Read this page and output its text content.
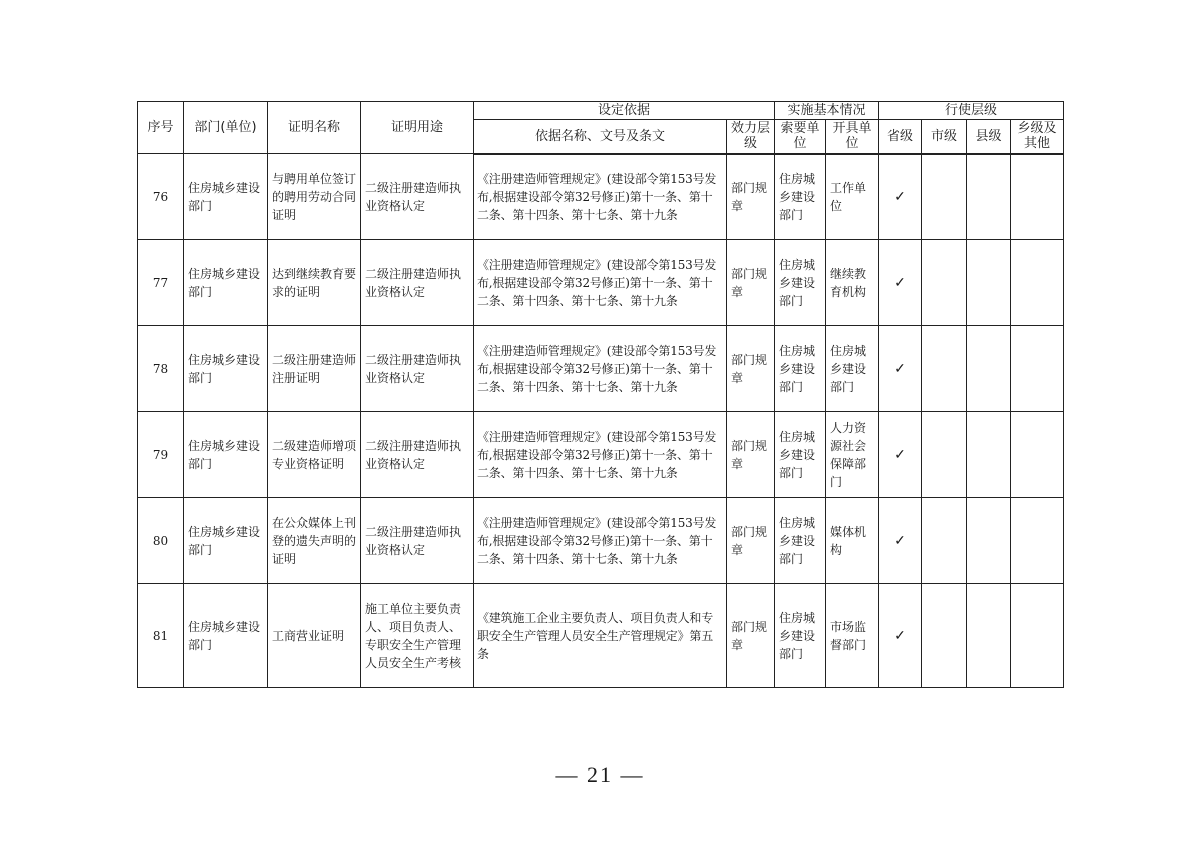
序号	部门(单位)	证明名称	证明用途	设定依据		实施基本情况		行使层级			
				依据名称、文号及条文	效力层级	索要单位	开具单位	省级	市级	县级	乡级及其他
76	住房城乡建设部门	与聘用单位签订的聘用劳动合同证明	二级注册建造师执业资格认定	《注册建造师管理规定》(建设部令第153号发布,根据建设部令第32号修正)第十一条、第十二条、第十四条、第十七条、第十九条	部门规章	住房城乡建设部门	工作单位	✓			
77	住房城乡建设部门	达到继续教育要求的证明	二级注册建造师执业资格认定	《注册建造师管理规定》(建设部令第153号发布,根据建设部令第32号修正)第十一条、第十二条、第十四条、第十七条、第十九条	部门规章	住房城乡建设部门	继续教育机构	✓			
78	住房城乡建设部门	二级注册建造师注册证明	二级注册建造师执业资格认定	《注册建造师管理规定》(建设部令第153号发布,根据建设部令第32号修正)第十一条、第十二条、第十四条、第十七条、第十九条	部门规章	住房城乡建设部门	住房城乡建设部门	✓			
79	住房城乡建设部门	二级建造师增项专业资格证明	二级注册建造师执业资格认定	《注册建造师管理规定》(建设部令第153号发布,根据建设部令第32号修正)第十一条、第十二条、第十四条、第十七条、第十九条	部门规章	住房城乡建设部门	人力资源社会保障部门	✓			
80	住房城乡建设部门	在公众媒体上刊登的遗失声明的证明	二级注册建造师执业资格认定	《注册建造师管理规定》(建设部令第153号发布,根据建设部令第32号修正)第十一条、第十二条、第十四条、第十七条、第十九条	部门规章	住房城乡建设部门	媒体机构	✓			
81	住房城乡建设部门	工商营业证明	施工单位主要负责人、项目负责人、专职安全生产管理人员安全生产考核	《建筑施工企业主要负责人、项目负责人和专职安全生产管理人员安全生产管理规定》第五条	部门规章	住房城乡建设部门	市场监督部门	✓			
— 21 —
